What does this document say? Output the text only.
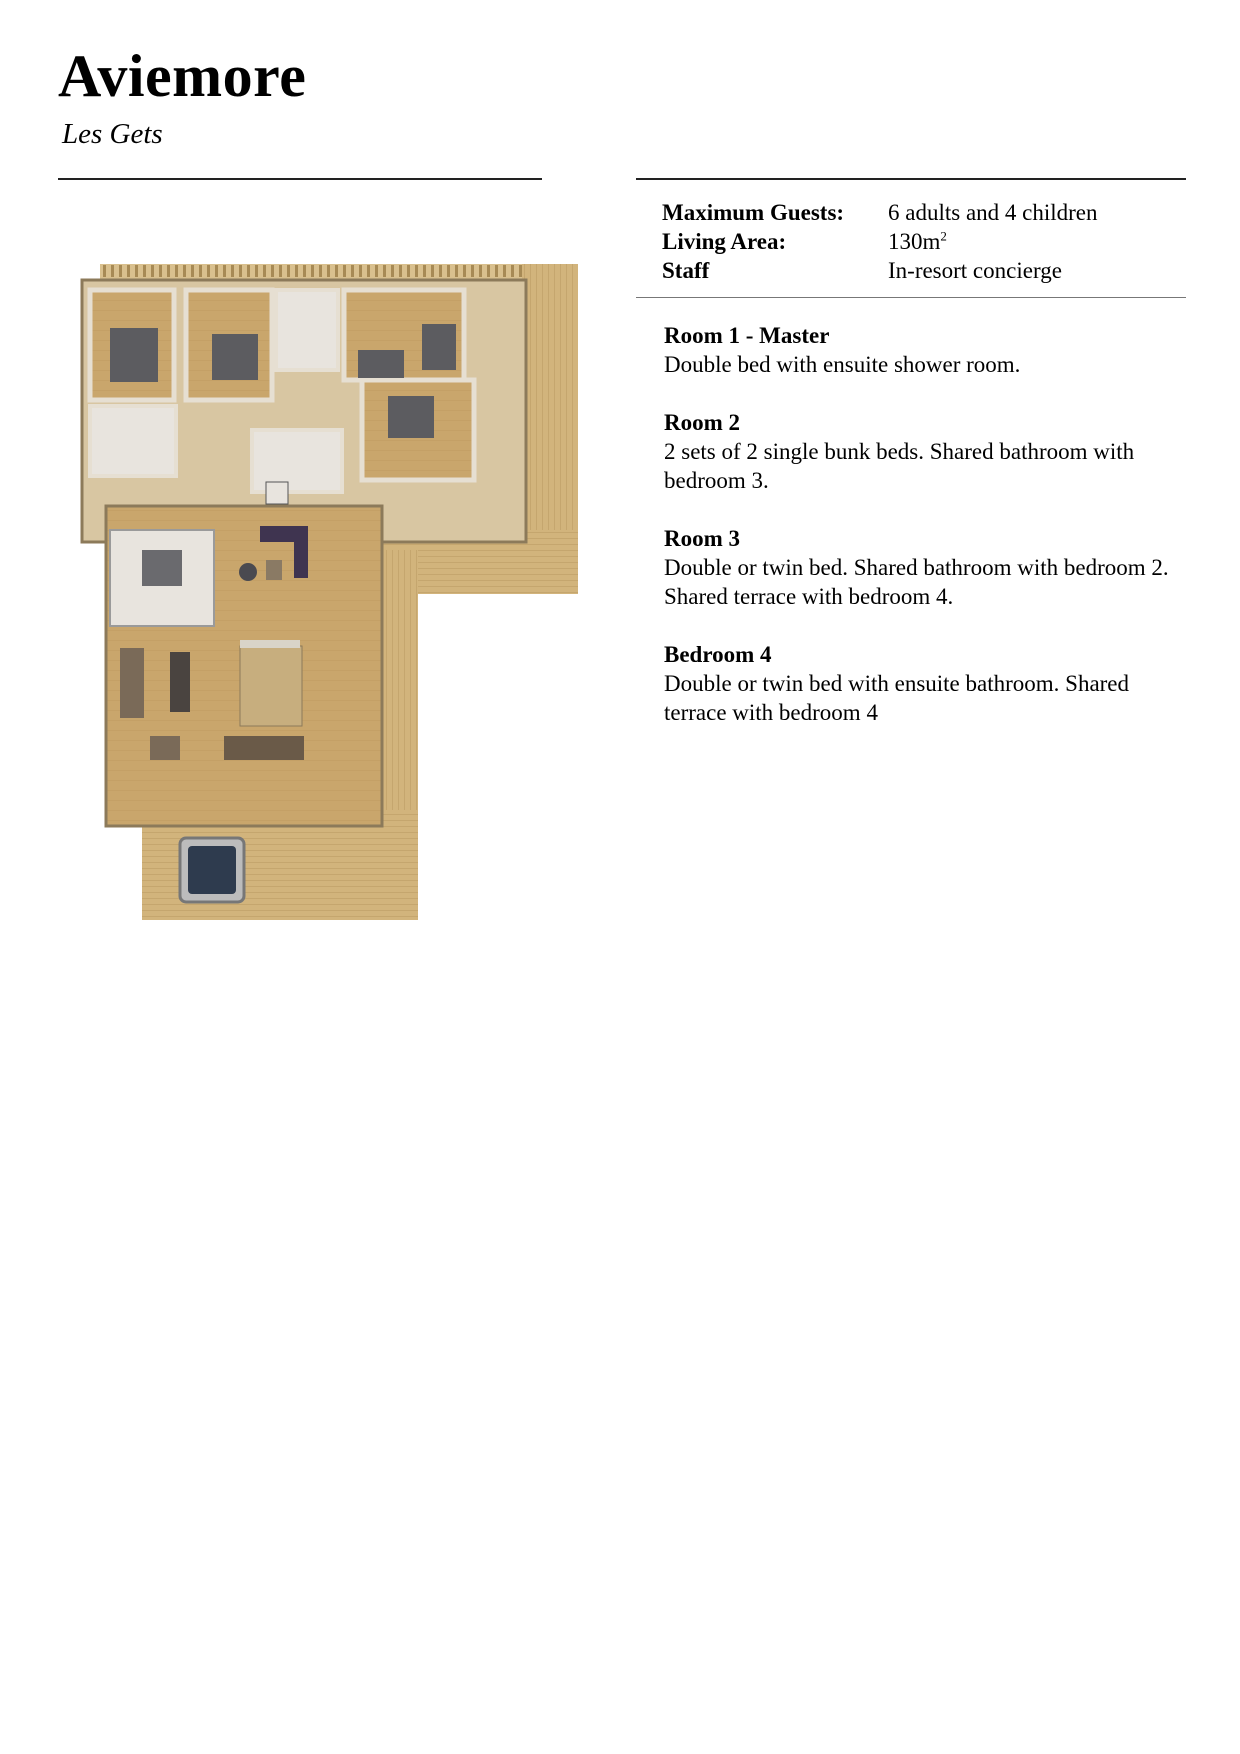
Aviemore
Les Gets
Maximum Guests:	6 adults and 4 children
Living Area:	$130m^2$
Staff	In-resort concierge
Room 1 - Master
Double bed with ensuite shower room.
Room 2
2 sets of 2 single bunk beds. Shared bathroom with bedroom 3.
Room 3
Double or twin bed. Shared bathroom with bedroom 2. Shared terrace with bedroom 4.
Bedroom 4
Double or twin bed with ensuite bathroom. Shared terrace with bedroom 4
